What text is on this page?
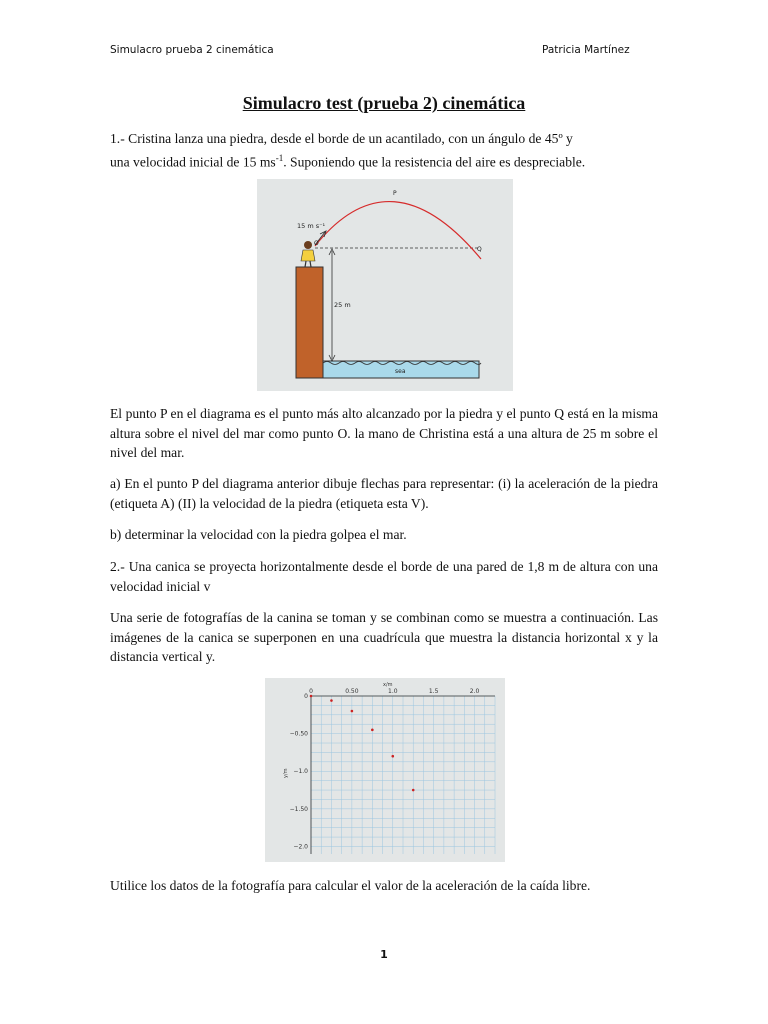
Simulacro prueba 2 cinemática	Patricia Martínez
Simulacro test (prueba 2) cinemática

1.- Cristina lanza una piedra, desde el borde de un acantilado, con un ángulo de 45º y
una velocidad inicial de 15 $ms^{-1}$. Suponiendo que la resistencia del aire es despreciable.

sea
25 m
15 m s⁻¹
O
P
Q

El punto P en el diagrama es el punto más alto alcanzado por la piedra y el punto Q está en la misma altura sobre el nivel del mar como punto O. la mano de Christina está a una altura de 25 m sobre el nivel del mar.

a) En el punto P del diagrama anterior dibuje flechas para representar: (i) la aceleración de la piedra (etiqueta A) (II) la velocidad de la piedra (etiqueta esta V).

b) determinar la velocidad con la piedra golpea el mar.

2.- Una canica se proyecta horizontalmente desde el borde de una pared de 1,8 m de altura con una velocidad inicial v

Una serie de fotografías de la canina se toman y se combinan como se muestra a continuación. Las imágenes de la canica se superponen en una cuadrícula que muestra la distancia horizontal x y la distancia vertical y.

x/m
y/m
0	0.50	1.0	1.5	2.0
0
−0.50
−1.0
−1.50
−2.0

Utilice los datos de la fotografía para calcular el valor de la aceleración de la caída libre.

1
